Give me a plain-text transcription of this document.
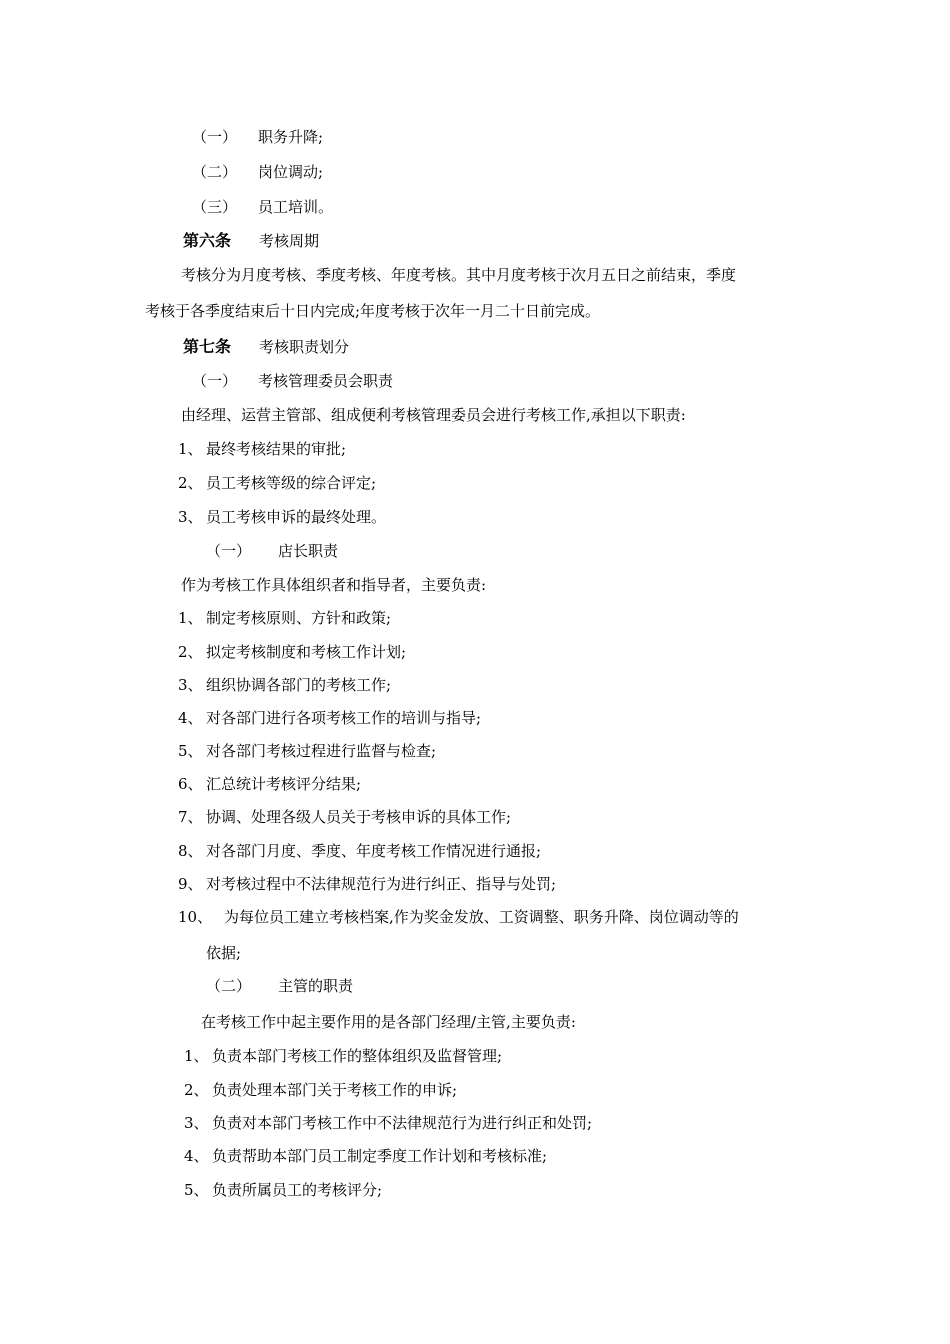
（一） 职务升降;
（二） 岗位调动;
（三） 员工培训。
第六条 考核周期
考核分为月度考核、季度考核、年度考核。其中月度考核于次月五日之前结束，季度
考核于各季度结束后十日内完成;年度考核于次年一月二十日前完成。
第七条 考核职责划分
（一） 考核管理委员会职责
由经理、运营主管部、组成便利考核管理委员会进行考核工作,承担以下职责:
1、 最终考核结果的审批;
2、 员工考核等级的综合评定;
3、 员工考核申诉的最终处理。
（一） 店长职责
作为考核工作具体组织者和指导者，主要负责:
1、 制定考核原则、方针和政策;
2、 拟定考核制度和考核工作计划;
3、 组织协调各部门的考核工作;
4、 对各部门进行各项考核工作的培训与指导;
5、 对各部门考核过程进行监督与检查;
6、 汇总统计考核评分结果;
7、 协调、处理各级人员关于考核申诉的具体工作;
8、 对各部门月度、季度、年度考核工作情况进行通报;
9、 对考核过程中不法律规范行为进行纠正、指导与处罚;
10、 为每位员工建立考核档案,作为奖金发放、工资调整、职务升降、岗位调动等的
依据;
（二） 主管的职责
在考核工作中起主要作用的是各部门经理/主管,主要负责:
1、 负责本部门考核工作的整体组织及监督管理;
2、 负责处理本部门关于考核工作的申诉;
3、 负责对本部门考核工作中不法律规范行为进行纠正和处罚;
4、 负责帮助本部门员工制定季度工作计划和考核标准;
5、 负责所属员工的考核评分;
